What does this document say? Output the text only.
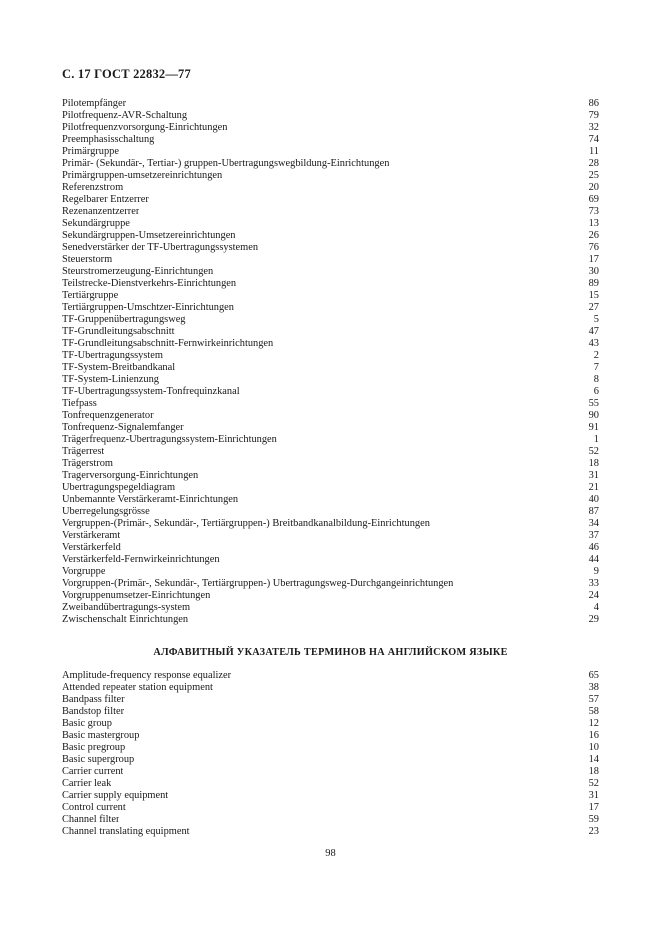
С. 17 ГОСТ 22832—77
Pilotempfänger	86
Pilotfrequenz-AVR-Schaltung	79
Pilotfrequenzvorsorgung-Einrichtungen	32
Preemphasisschaltung	74
Primärgruppe	11
Primär- (Sekundär-, Tertiar-) gruppen-Ubertragungswegbildung-Einrichtungen	28
Primärgruppen-umsetzereinrichtungen	25
Referenzstrom	20
Regelbarer Entzerrer	69
Rezenanzentzerrer	73
Sekundärgruppe	13
Sekundärgruppen-Umsetzereinrichtungen	26
Senedverstärker der TF-Ubertragungssystemen	76
Steuerstorm	17
Steurstromerzeugung-Einrichtungen	30
Teilstrecke-Dienstverkehrs-Einrichtungen	89
Tertiärgruppe	15
Tertiärgruppen-Umschtzer-Einrichtungen	27
TF-Gruppenübertragungsweg	5
TF-Grundleitungsabschnitt	47
TF-Grundleitungsabschnitt-Fernwirkeinrichtungen	43
TF-Ubertragungssystem	2
TF-System-Breitbandkanal	7
TF-System-Linienzung	8
TF-Ubertragungssystem-Tonfrequinzkanal	6
Tiefpass	55
Tonfrequenzgenerator	90
Tonfrequenz-Signalemfanger	91
Trägerfrequenz-Ubertragungssystem-Einrichtungen	1
Trägerrest	52
Trägerstrom	18
Tragerversorgung-Einrichtungen	31
Ubertragungspegeldiagram	21
Unbemannte Verstärkeramt-Einrichtungen	40
Uberregelungsgrösse	87
Vergruppen-(Primär-, Sekundär-, Tertiärgruppen-) Breitbandkanalbildung-Einrichtungen	34
Verstärkeramt	37
Verstärkerfeld	46
Verstärkerfeld-Fernwirkeinrichtungen	44
Vorgruppe	9
Vorgruppen-(Primär-, Sekundär-, Tertiärgruppen-) Ubertragungsweg-Durchgangeinrichtungen	33
Vorgruppenumsetzer-Einrichtungen	24
Zweibandübertragungs-system	4
Zwischenschalt Einrichtungen	29
АЛФАВИТНЫЙ УКАЗАТЕЛЬ ТЕРМИНОВ НА АНГЛИЙСКОМ ЯЗЫКЕ
Amplitude-frequency response equalizer	65
Attended repeater station equipment	38
Bandpass filter	57
Bandstop filter	58
Basic group	12
Basic mastergroup	16
Basic pregroup	10
Basic supergroup	14
Carrier current	18
Carrier leak	52
Carrier supply equipment	31
Control current	17
Channel filter	59
Channel translating equipment	23
98
